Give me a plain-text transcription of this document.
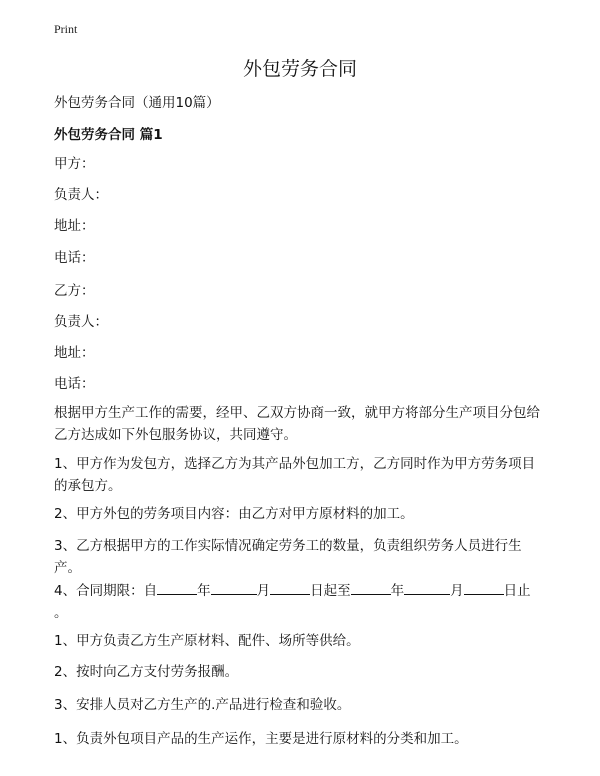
Print
外包劳务合同
外包劳务合同（通用10篇）
外包劳务合同 篇1
甲方：
负责人：
地址：
电话：
乙方：
负责人：
地址：
电话：
根据甲方生产工作的需要，经甲、乙双方协商一致，就甲方将部分生产项目分包给乙方达成如下外包服务协议，共同遵守。
1、甲方作为发包方，选择乙方为其产品外包加工方，乙方同时作为甲方劳务项目的承包方。
2、甲方外包的劳务项目内容：由乙方对甲方原材料的加工。
3、乙方根据甲方的工作实际情况确定劳务工的数量，负责组织劳务人员进行生产。
4、合同期限：自	年	月	日起至	年	月	日止
。
1、甲方负责乙方生产原材料、配件、场所等供给。
2、按时向乙方支付劳务报酬。
3、安排人员对乙方生产的.产品进行检查和验收。
1、负责外包项目产品的生产运作，主要是进行原材料的分类和加工。
